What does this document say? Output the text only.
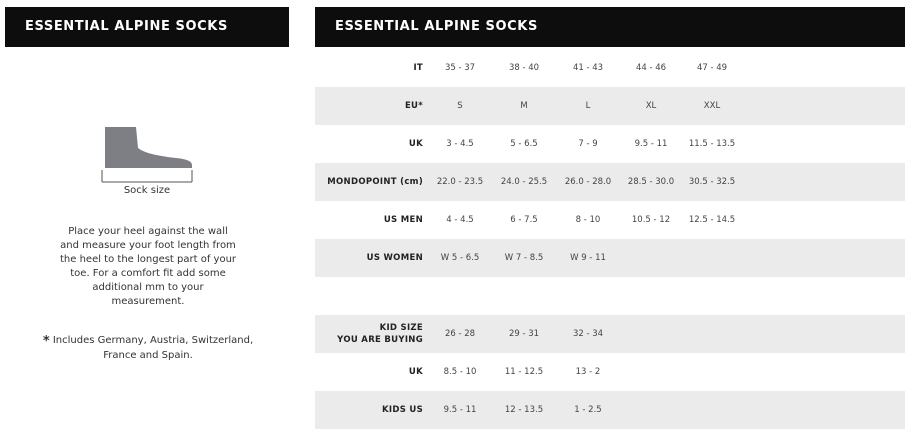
ESSENTIAL ALPINE SOCKS
Sock size
Place your heel against the wall
and measure your foot length from
the heel to the longest part of your
toe. For a comfort fit add some
additional mm to your
measurement.
* Includes Germany, Austria, Switzerland,
France and Spain.
ESSENTIAL ALPINE SOCKS
IT	35 - 37	38 - 40	41 - 43	44 - 46	47 - 49
EU*	S	M	L	XL	XXL
UK	3 - 4.5	5 - 6.5	7 - 9	9.5 - 11	11.5 - 13.5
MONDOPOINT (cm)	22.0 - 23.5	24.0 - 25.5	26.0 - 28.0	28.5 - 30.0	30.5 - 32.5
US MEN	4 - 4.5	6 - 7.5	8 - 10	10.5 - 12	12.5 - 14.5
US WOMEN	W 5 - 6.5	W 7 - 8.5	W 9 - 11
KID SIZE
YOU ARE BUYING
26 - 28	29 - 31	32 - 34
UK	8.5 - 10	11 - 12.5	13 - 2
KIDS US	9.5 - 11	12 - 13.5	1 - 2.5
